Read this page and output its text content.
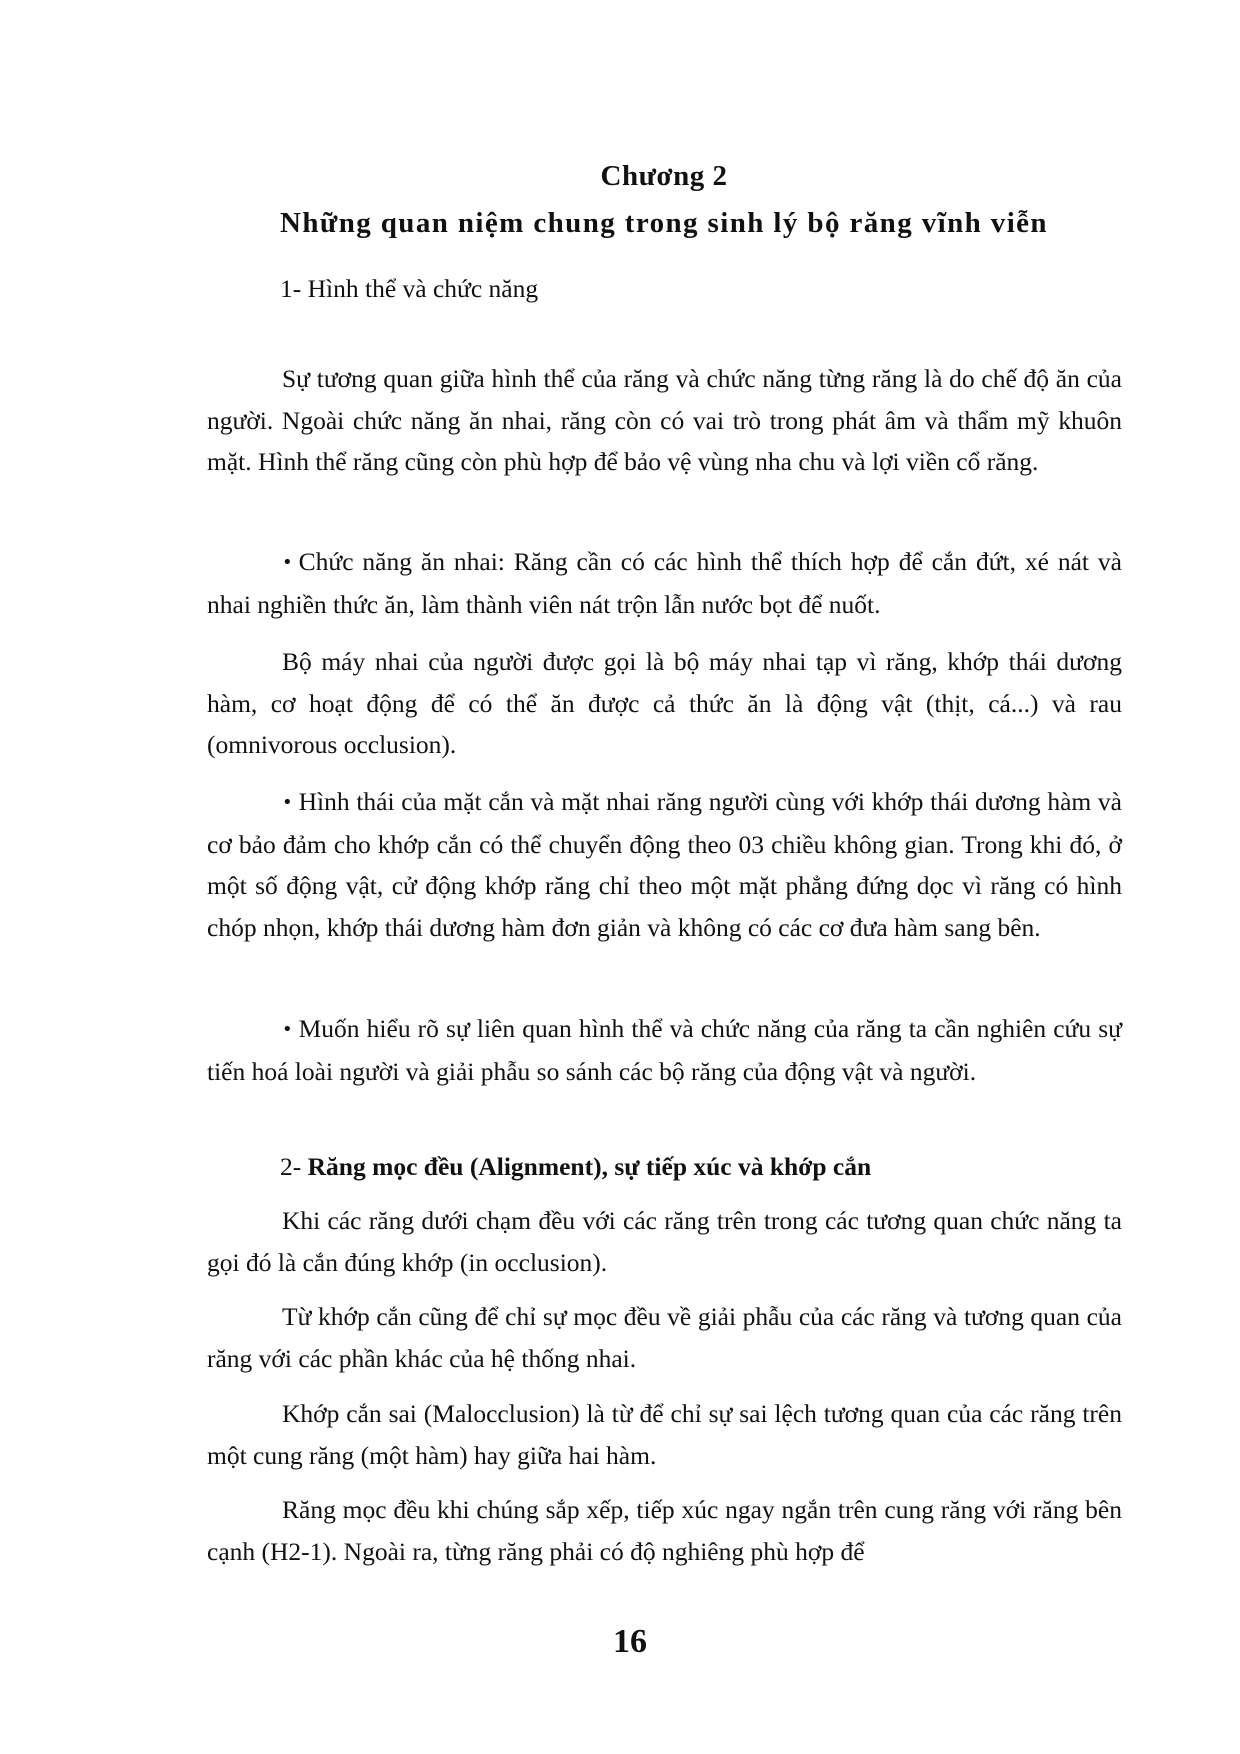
Chương 2
Những quan niệm chung trong sinh lý bộ răng vĩnh viễn
1- Hình thể và chức năng

Sự tương quan giữa hình thể của răng và chức năng từng răng là do chế độ ăn của người. Ngoài chức năng ăn nhai, răng còn có vai trò trong phát âm và thẩm mỹ khuôn mặt. Hình thể răng cũng còn phù hợp để bảo vệ vùng nha chu và lợi viền cổ răng.

• Chức năng ăn nhai: Răng cần có các hình thể thích hợp để cắn đứt, xé nát và nhai nghiền thức ăn, làm thành viên nát trộn lẫn nước bọt để nuốt.

Bộ máy nhai của người được gọi là bộ máy nhai tạp vì răng, khớp thái dương hàm, cơ hoạt động để có thể ăn được cả thức ăn là động vật (thịt, cá...) và rau (omnivorous occlusion).

• Hình thái của mặt cắn và mặt nhai răng người cùng với khớp thái dương hàm và cơ bảo đảm cho khớp cắn có thể chuyển động theo 03 chiều không gian. Trong khi đó, ở một số động vật, cử động khớp răng chỉ theo một mặt phẳng đứng dọc vì răng có hình chóp nhọn, khớp thái dương hàm đơn giản và không có các cơ đưa hàm sang bên.

• Muốn hiểu rõ sự liên quan hình thể và chức năng của răng ta cần nghiên cứu sự tiến hoá loài người và giải phẫu so sánh các bộ răng của động vật và người.

2- Răng mọc đều (Alignment), sự tiếp xúc và khớp cắn

Khi các răng dưới chạm đều với các răng trên trong các tương quan chức năng ta gọi đó là cắn đúng khớp (in occlusion).

Từ khớp cắn cũng để chỉ sự mọc đều về giải phẫu của các răng và tương quan của răng với các phần khác của hệ thống nhai.

Khớp cắn sai (Malocclusion) là từ để chỉ sự sai lệch tương quan của các răng trên một cung răng (một hàm) hay giữa hai hàm.

Răng mọc đều khi chúng sắp xếp, tiếp xúc ngay ngắn trên cung răng với răng bên cạnh (H2-1). Ngoài ra, từng răng phải có độ nghiêng phù hợp để

16
